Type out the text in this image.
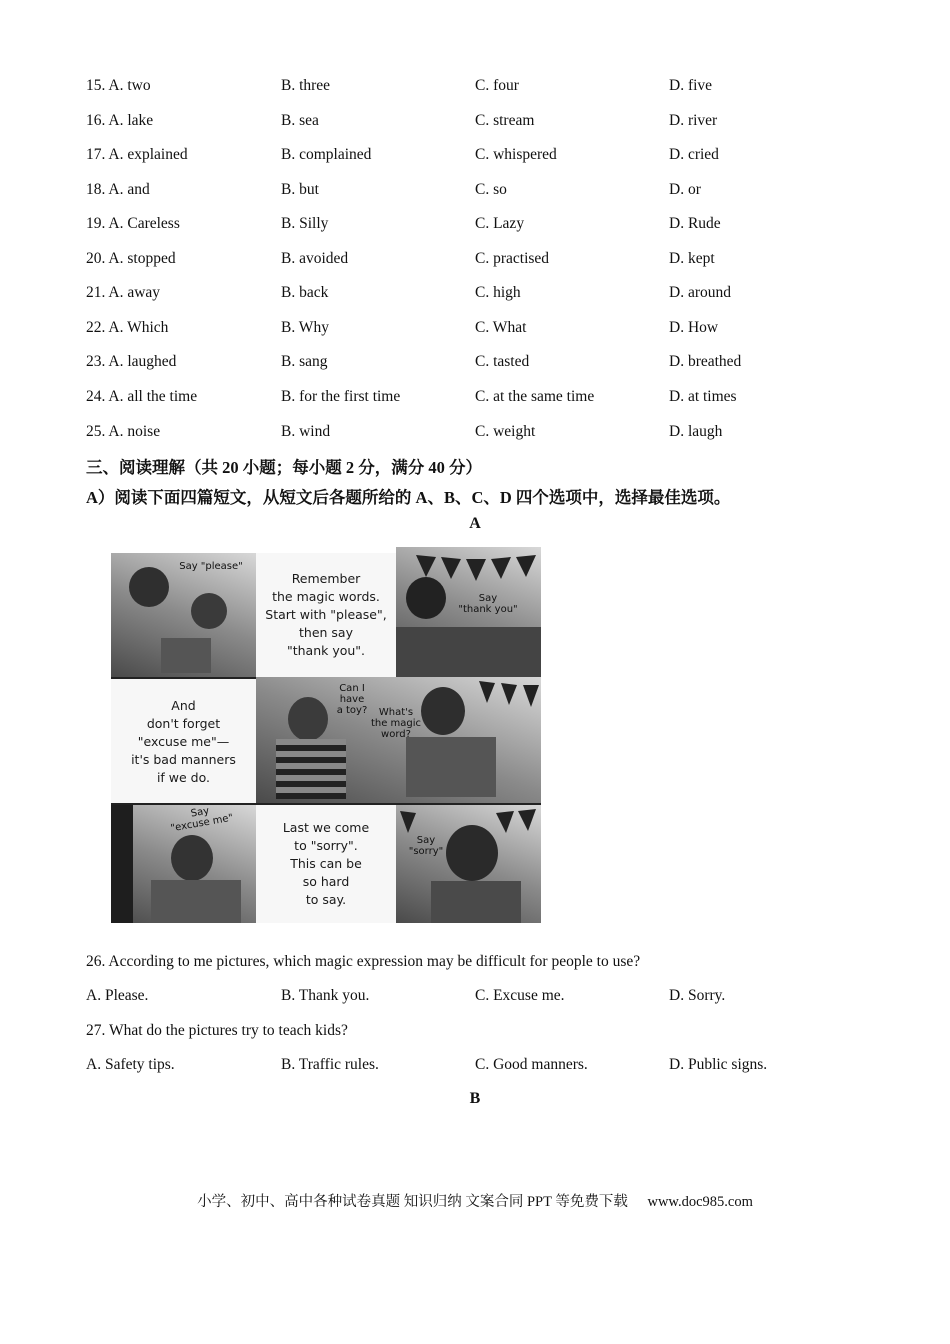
15. A. two	B. three	C. four	D. five
16. A. lake	B. sea	C. stream	D. river
17. A. explained	B. complained	C. whispered	D. cried
18. A. and	B. but	C. so	D. or
19. A. Careless	B. Silly	C. Lazy	D. Rude
20. A. stopped	B. avoided	C. practised	D. kept
21. A. away	B. back	C. high	D. around
22. A. Which	B. Why	C. What	D. How
23. A. laughed	B. sang	C. tasted	D. breathed
24. A. all the time	B. for the first time	C. at the same time	D. at times
25. A. noise	B. wind	C. weight	D. laugh
三、阅读理解（共 20 小题；每小题 2 分，满分 40 分）
A）阅读下面四篇短文，从短文后各题所给的 A、B、C、D 四个选项中，选择最佳选项。
A
Say "please"
Remember
the magic words.
Start with "please",
then say
"thank you".
Say
"thank you"
And
don't forget
"excuse me"—
it's bad manners
if we do.
Can I
have
a toy?	What's
the magic
word?
Say
"excuse me"	Last we come
to "sorry".
This can be
so hard
to say.
Say
"sorry"
26. According to me pictures, which magic expression may be difficult for people to use?
A. Please.	B. Thank you.	C. Excuse me.	D. Sorry.
27. What do the pictures try to teach kids?
A. Safety tips.	B. Traffic rules.	C. Good manners.	D. Public signs.
B
小学、初中、高中各种试卷真题 知识归纳 文案合同 PPT 等免费下载 www.doc985.com
